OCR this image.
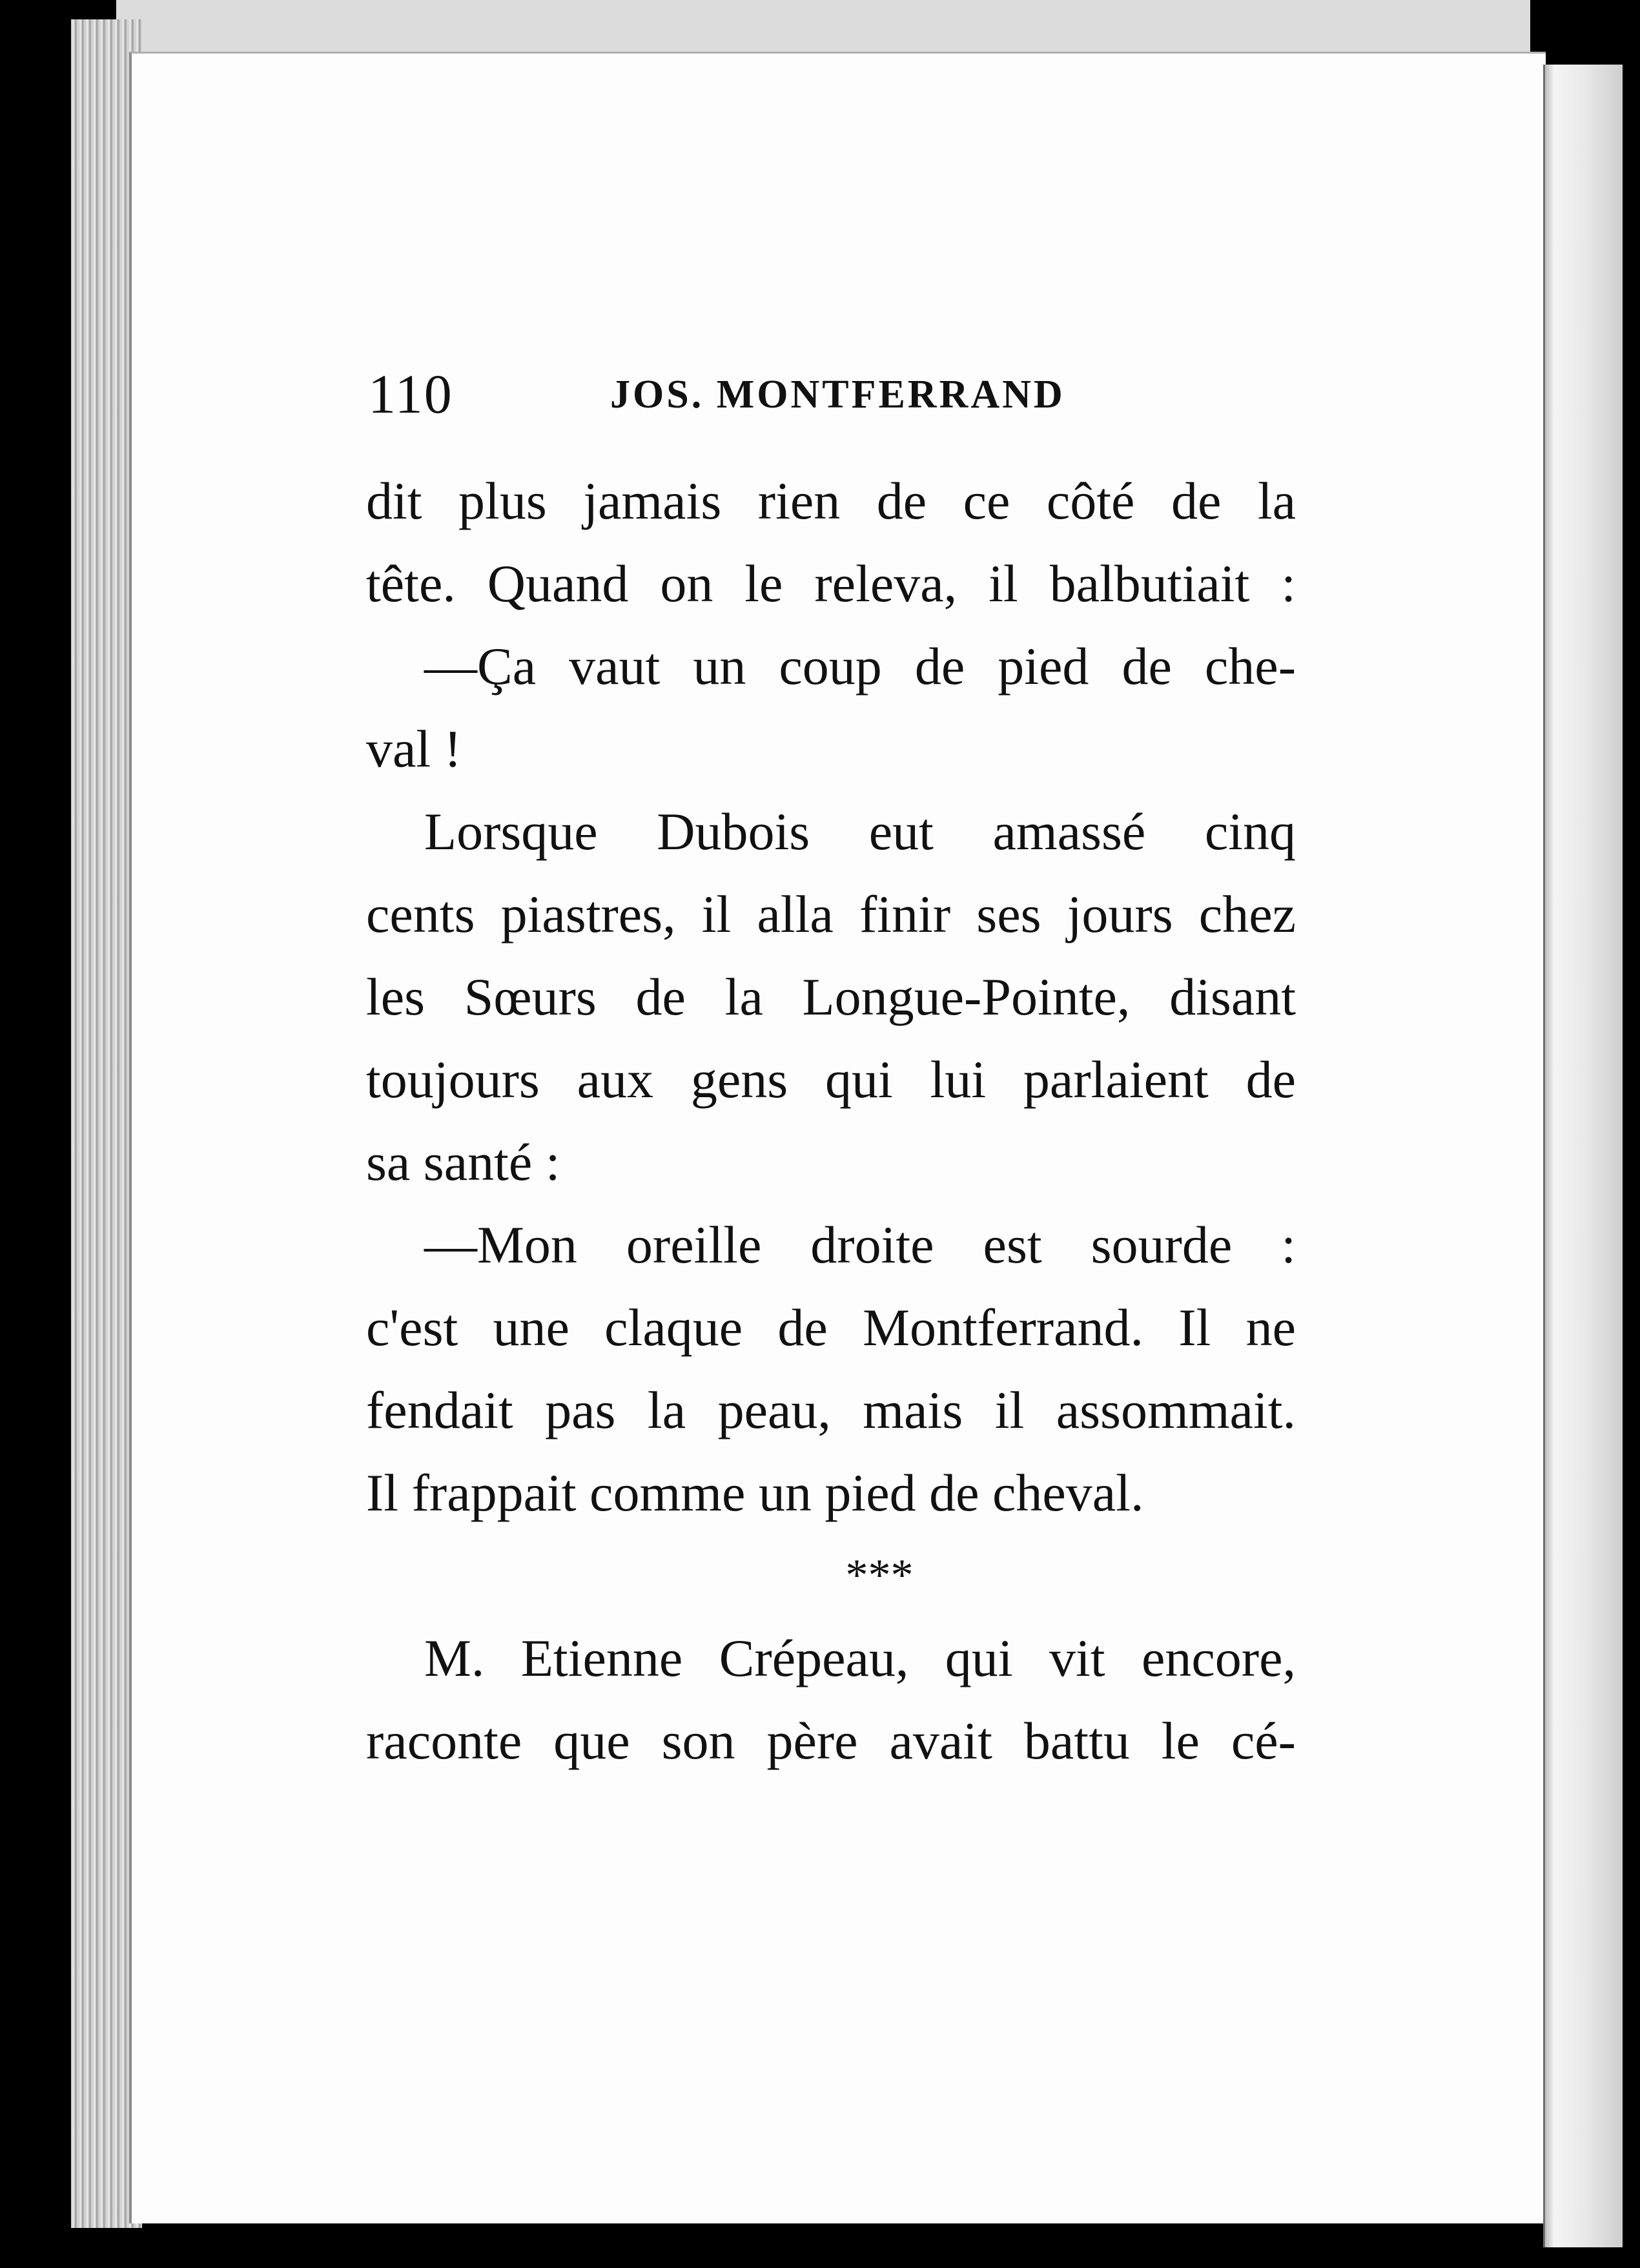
110	JOS. MONTFERRAND
dit plus jamais rien de ce côté de la
tête. Quand on le releva, il balbutiait :
—Ça vaut un coup de pied de che-
val !
Lorsque Dubois eut amassé cinq
cents piastres, il alla finir ses jours chez
les Sœurs de la Longue-Pointe, disant
toujours aux gens qui lui parlaient de
sa santé :
—Mon oreille droite est sourde :
c'est une claque de Montferrand. Il ne
fendait pas la peau, mais il assommait.
Il frappait comme un pied de cheval.
***
M. Etienne Crépeau, qui vit encore,
raconte que son père avait battu le cé-
